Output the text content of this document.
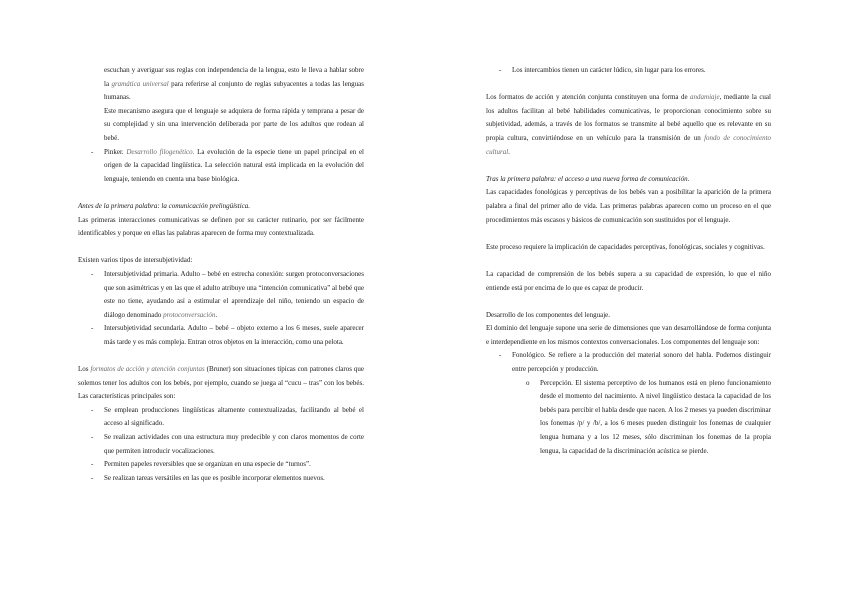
escuchan y averiguar sus reglas con independencia de la lengua, esto le lleva a hablar sobre la gramática universal para referirse al conjunto de reglas subyacentes a todas las lenguas humanas.

Este mecanismo asegura que el lenguaje se adquiera de forma rápida y temprana a pesar de su complejidad y sin una intervención deliberada por parte de los adultos que rodean al bebé.

- Pinker. Desarrollo filogenético. La evolución de la especie tiene un papel principal en el origen de la capacidad lingüística. La selección natural está implicada en la evolución del lenguaje, teniendo en cuenta una base biológica.

Antes de la primera palabra: la comunicación prelingüística.

Las primeras interacciones comunicativas se definen por su carácter rutinario, por ser fácilmente identificables y porque en ellas las palabras aparecen de forma muy contextualizada.

Existen varios tipos de intersubjetividad:

- Intersubjetividad primaria. Adulto – bebé en estrecha conexión: surgen protoconversaciones que son asimétricas y en las que el adulto atribuye una “intención comunicativa” al bebé que este no tiene, ayudando así a estimular el aprendizaje del niño, teniendo un espacio de diálogo denominado protoconversación.
- Intersubjetividad secundaria. Adulto – bebé – objeto externo a los 6 meses, suele aparecer más tarde y es más compleja. Entran otros objetos en la interacción, como una pelota.

Los formatos de acción y atención conjuntas (Bruner) son situaciones típicas con patrones claros que solemos tener los adultos con los bebés, por ejemplo, cuando se juega al “cucu – tras” con los bebés. Las características principales son:

- Se emplean producciones lingüísticas altamente contextualizadas, facilitando al bebé el acceso al significado.
- Se realizan actividades con una estructura muy predecible y con claros momentos de corte que permiten introducir vocalizaciones.
- Permiten papeles reversibles que se organizan en una especie de “turnos”.
- Se realizan tareas versátiles en las que es posible incorporar elementos nuevos.
- Los intercambios tienen un carácter lúdico, sin lugar para los errores.

Los formatos de acción y atención conjunta constituyen una forma de andamiaje, mediante la cual los adultos facilitan al bebé habilidades comunicativas, le proporcionan conocimiento sobre su subjetividad, además, a través de los formatos se transmite al bebé aquello que es relevante en su propia cultura, convirtiéndose en un vehículo para la transmisión de un fondo de conocimiento cultural.

Tras la primera palabra: el acceso a una nueva forma de comunicación.

Las capacidades fonológicas y perceptivas de los bebés van a posibilitar la aparición de la primera palabra a final del primer año de vida. Las primeras palabras aparecen como un proceso en el que procedimientos más escasos y básicos de comunicación son sustituidos por el lenguaje.

Este proceso requiere la implicación de capacidades perceptivas, fonológicas, sociales y cognitivas.

La capacidad de comprensión de los bebés supera a su capacidad de expresión, lo que el niño entiende está por encima de lo que es capaz de producir.

Desarrollo de los componentes del lenguaje.

El dominio del lenguaje supone una serie de dimensiones que van desarrollándose de forma conjunta e interdependiente en los mismos contextos conversacionales. Los componentes del lenguaje son:

- Fonológico. Se refiere a la producción del material sonoro del habla. Podemos distinguir entre percepción y producción.
o Percepción. El sistema perceptivo de los humanos está en pleno funcionamiento desde el momento del nacimiento. A nivel lingüístico destaca la capacidad de los bebés para percibir el habla desde que nacen. A los 2 meses ya pueden discriminar los fonemas /p/ y /b/, a los 6 meses pueden distinguir los fonemas de cualquier lengua humana y a los 12 meses, sólo discriminan los fonemas de la propia lengua, la capacidad de la discriminación acústica se pierde.
